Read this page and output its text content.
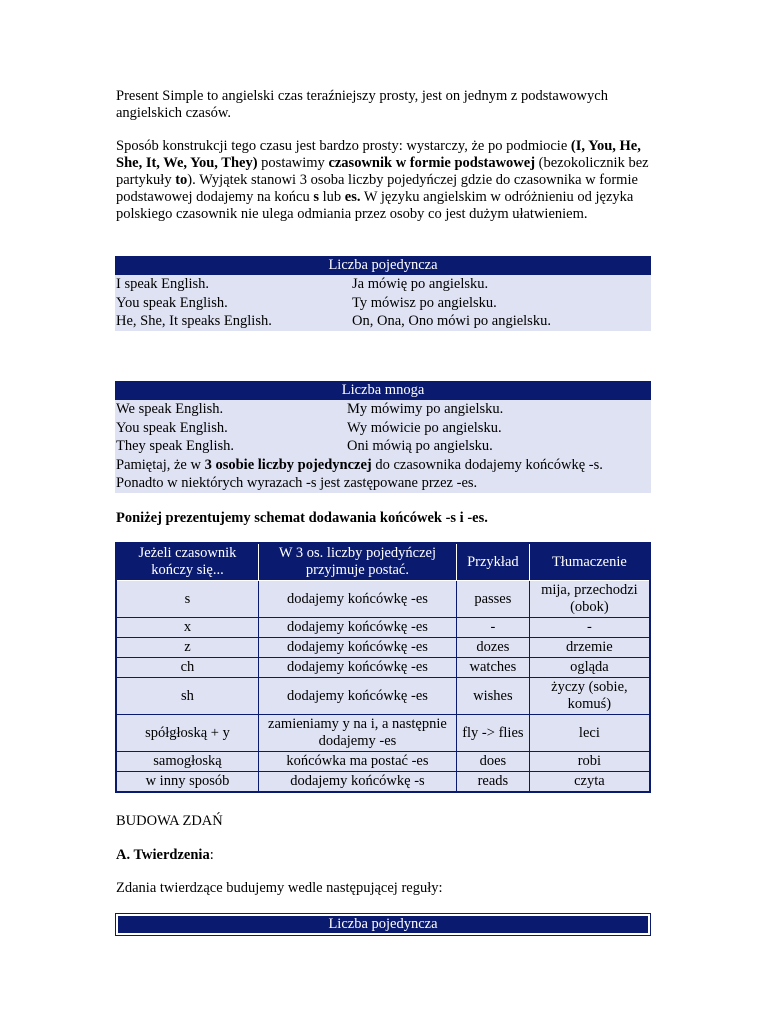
Present Simple to angielski czas teraźniejszy prosty, jest on jednym z podstawowych angielskich czasów.

Sposób konstrukcji tego czasu jest bardzo prosty: wystarczy, że po podmiocie (I, You, He, She, It, We, You, They) postawimy czasownik w formie podstawowej (bezokolicznik bez partykuły to). Wyjątek stanowi 3 osoba liczby pojedyńczej gdzie do czasownika w formie podstawowej dodajemy na końcu s lub es. W języku angielskim w odróżnieniu od języka polskiego czasownik nie ulega odmiania przez osoby co jest dużym ułatwieniem.

Liczba pojedyncza
I speak English.	Ja mówię po angielsku.
You speak English.	Ty mówisz po angielsku.
He, She, It speaks English.	On, Ona, Ono mówi po angielsku.
Liczba mnoga
We speak English.	My mówimy po angielsku.
You speak English.	Wy mówicie po angielsku.
They speak English.	Oni mówią po angielsku.
Pamiętaj, że w 3 osobie liczby pojedynczej do czasownika dodajemy końcówkę -s.
Ponadto w niektórych wyrazach -s jest zastępowane przez -es.

Poniżej prezentujemy schemat dodawania końcówek -s i -es.

Jeżeli czasownik kończy się...	W 3 os. liczby pojedyńczej przyjmuje postać.	Przykład	Tłumaczenie
s	dodajemy końcówkę -es	passes	mija, przechodzi (obok)
x	dodajemy końcówkę -es	-	-
z	dodajemy końcówkę -es	dozes	drzemie
ch	dodajemy końcówkę -es	watches	ogląda
sh	dodajemy końcówkę -es	wishes	życzy (sobie, komuś)
spółgłoską + y	zamieniamy y na i, a następnie dodajemy -es	fly -> flies	leci
samogłoską	końcówka ma postać -es	does	robi
w inny sposób	dodajemy końcówkę -s	reads	czyta

BUDOWA ZDAŃ

A. Twierdzenia:

Zdania twierdzące budujemy wedle następującej reguły:

Liczba pojedyncza
